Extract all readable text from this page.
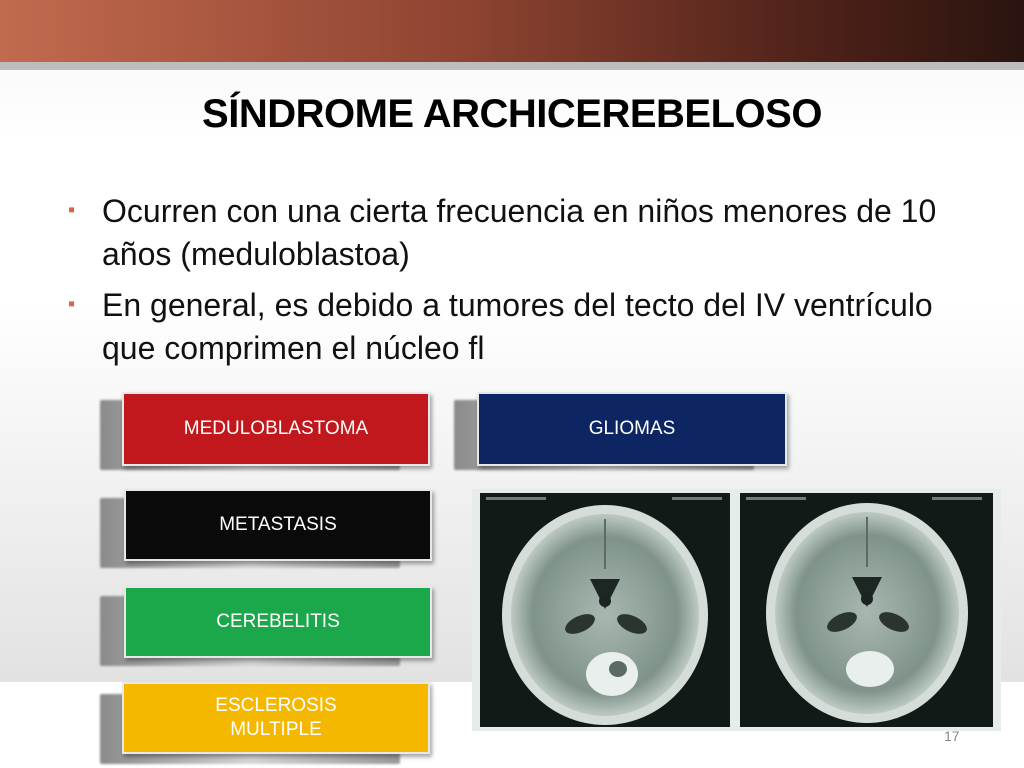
SÍNDROME ARCHICEREBELOSO
▪ Ocurren con una cierta frecuencia en niños menores de 10 años (meduloblastoa)
▪ En general, es debido a tumores del tecto del IV ventrículo que comprimen el núcleo fl
MEDULOBLASTOMA	GLIOMAS
METASTASIS
CEREBELITIS
ESCLEROSIS
MULTIPLE	17
